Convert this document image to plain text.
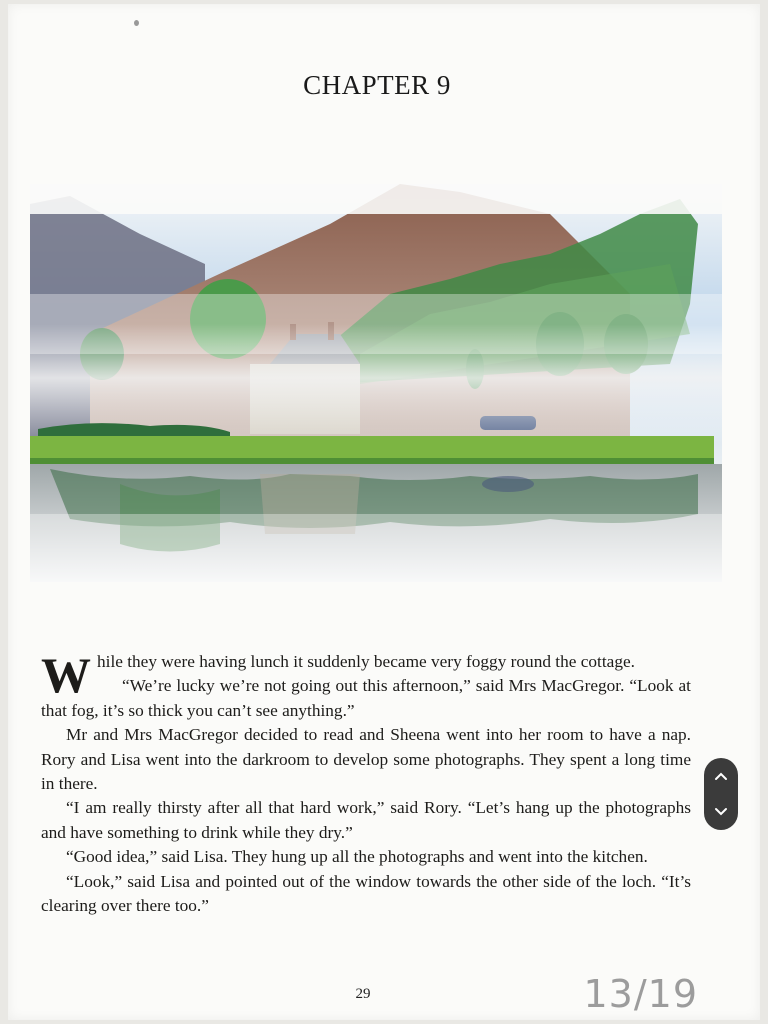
CHAPTER 9

While they were having lunch it suddenly became very foggy round the cottage.

“We’re lucky we’re not going out this afternoon,” said Mrs MacGregor. “Look at that fog, it’s so thick you can’t see anything.”

Mr and Mrs MacGregor decided to read and Sheena went into her room to have a nap. Rory and Lisa went into the darkroom to develop some photographs. They spent a long time in there.

“I am really thirsty after all that hard work,” said Rory. “Let’s hang up the photographs and have something to drink while they dry.”

“Good idea,” said Lisa. They hung up all the photographs and went into the kitchen.

“Look,” said Lisa and pointed out of the window towards the other side of the loch. “It’s clearing over there too.”

29	13/19
